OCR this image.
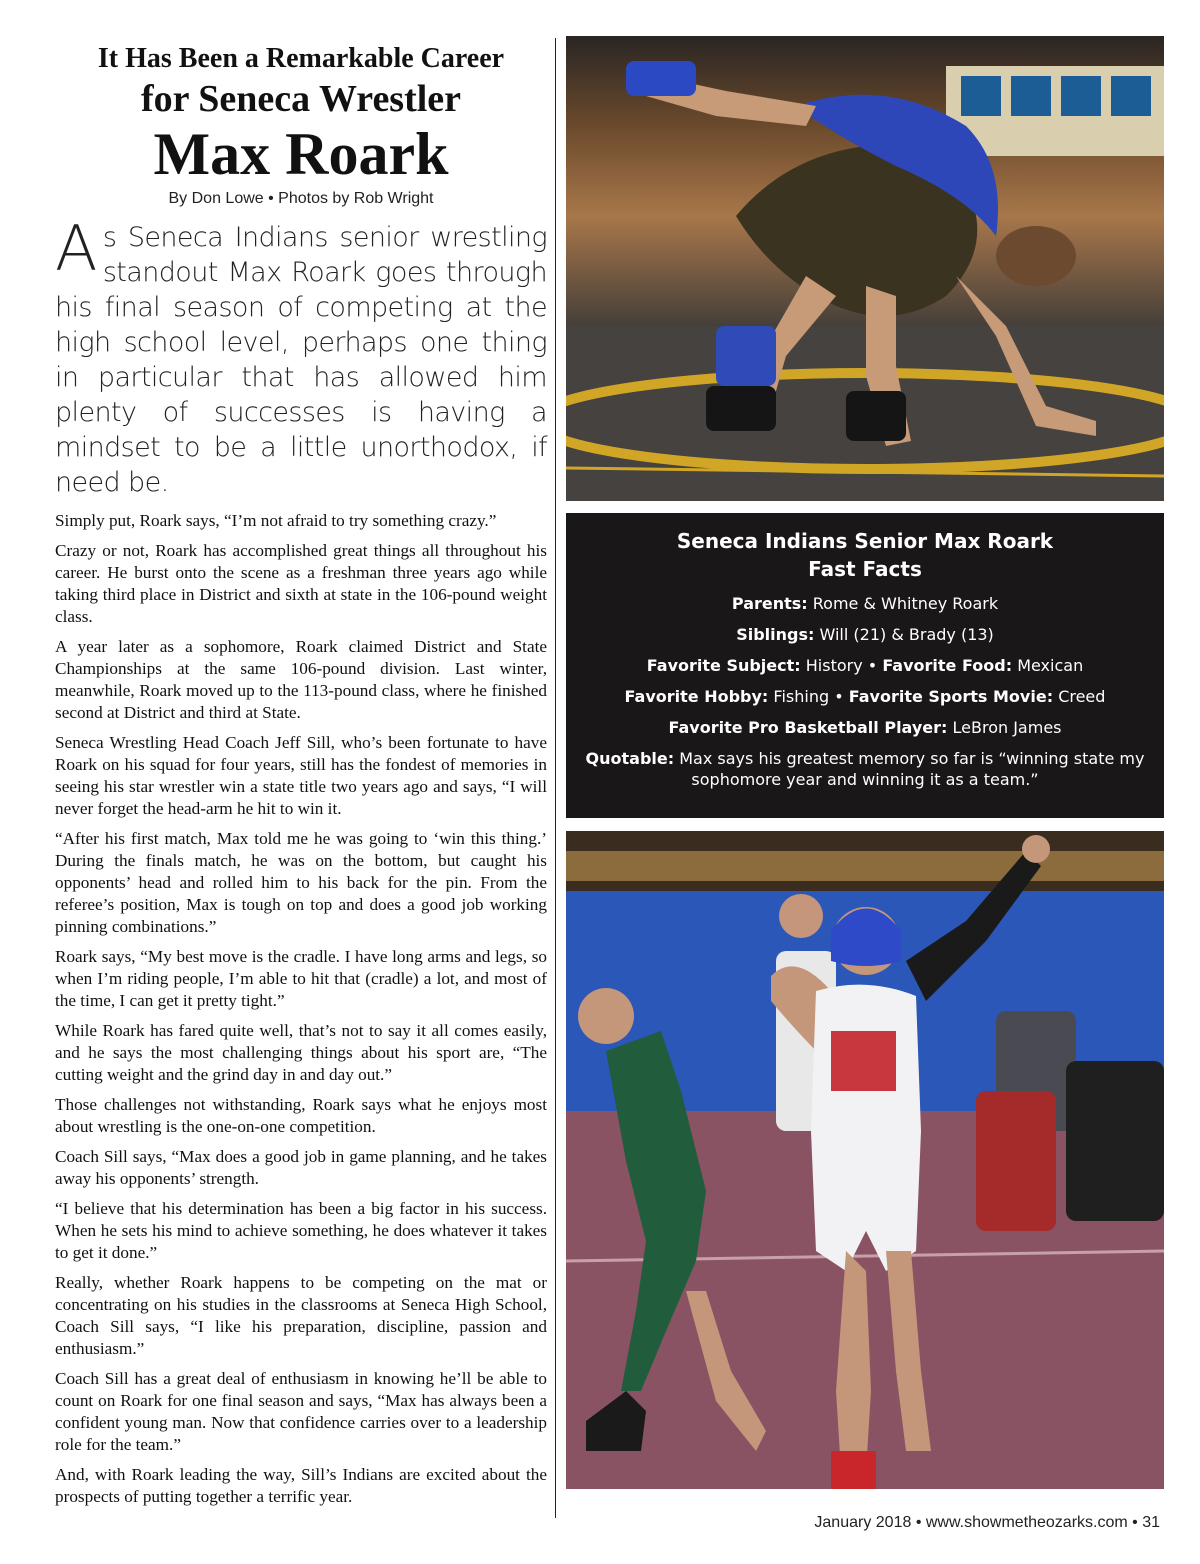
It Has Been a Remarkable Career
for Seneca Wrestler
Max Roark
By Don Lowe • Photos by Rob Wright

As Seneca Indians senior wrestling standout Max Roark goes through his final season of competing at the high school level, perhaps one thing in particular that has allowed him plenty of successes is having a mindset to be a little unorthodox, if need be.

Simply put, Roark says, “I’m not afraid to try something crazy.”

Crazy or not, Roark has accomplished great things all throughout his career. He burst onto the scene as a freshman three years ago while taking third place in District and sixth at state in the 106-pound weight class.

A year later as a sophomore, Roark claimed District and State Championships at the same 106-pound division. Last winter, meanwhile, Roark moved up to the 113-pound class, where he finished second at District and third at State.

Seneca Wrestling Head Coach Jeff Sill, who’s been fortunate to have Roark on his squad for four years, still has the fondest of memories in seeing his star wrestler win a state title two years ago and says, “I will never forget the head-arm he hit to win it.

“After his first match, Max told me he was going to ‘win this thing.’ During the finals match, he was on the bottom, but caught his opponents’ head and rolled him to his back for the pin. From the referee’s position, Max is tough on top and does a good job working pinning combinations.”

Roark says, “My best move is the cradle. I have long arms and legs, so when I’m riding people, I’m able to hit that (cradle) a lot, and most of the time, I can get it pretty tight.”

While Roark has fared quite well, that’s not to say it all comes easily, and he says the most challenging things about his sport are, “The cutting weight and the grind day in and day out.”

Those challenges not withstanding, Roark says what he enjoys most about wrestling is the one-on-one competition.

Coach Sill says, “Max does a good job in game planning, and he takes away his opponents’ strength.

“I believe that his determination has been a big factor in his success. When he sets his mind to achieve something, he does whatever it takes to get it done.”

Really, whether Roark happens to be competing on the mat or concentrating on his studies in the classrooms at Seneca High School, Coach Sill says, “I like his preparation, discipline, passion and enthusiasm.”

Coach Sill has a great deal of enthusiasm in knowing he’ll be able to count on Roark for one final season and says, “Max has always been a confident young man. Now that confidence carries over to a leadership role for the team.”

And, with Roark leading the way, Sill’s Indians are excited about the prospects of putting together a terrific year.

Seneca Indians Senior Max Roark
Fast Facts
Parents: Rome & Whitney Roark
Siblings: Will (21) & Brady (13)
Favorite Subject: History • Favorite Food: Mexican
Favorite Hobby: Fishing • Favorite Sports Movie: Creed
Favorite Pro Basketball Player: LeBron James
Quotable: Max says his greatest memory so far is “winning state my sophomore year and winning it as a team.”
January 2018 • www.showmetheozarks.com • 31
